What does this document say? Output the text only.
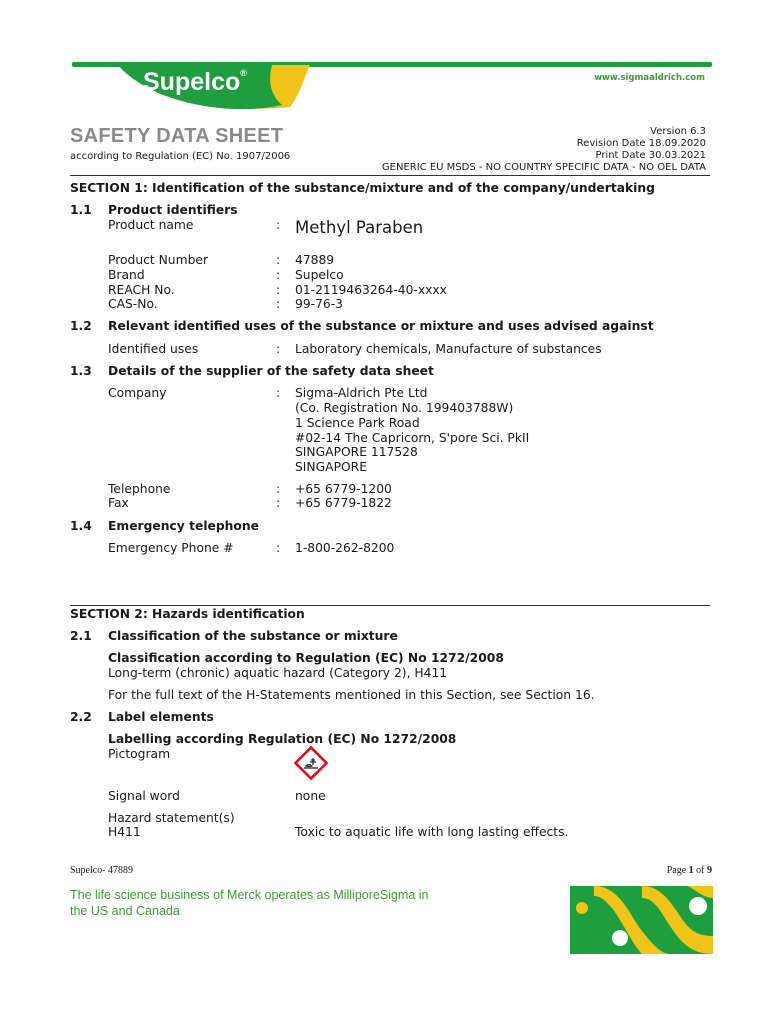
Supelco®	www.sigmaaldrich.com
SAFETY DATA SHEET
according to Regulation (EC) No. 1907/2006
Version 6.3
Revision Date 18.09.2020
Print Date 30.03.2021
GENERIC EU MSDS - NO COUNTRY SPECIFIC DATA - NO OEL DATA
SECTION 1: Identification of the substance/mixture and of the company/undertaking
1.1 Product identifiers
Product name	: Methyl Paraben
Product Number	: 47889
Brand	: Supelco
REACH No.	: 01-2119463264-40-xxxx
CAS-No.	: 99-76-3
1.2 Relevant identified uses of the substance or mixture and uses advised against
Identified uses	: Laboratory chemicals, Manufacture of substances
1.3 Details of the supplier of the safety data sheet
Company	: Sigma-Aldrich Pte Ltd
(Co. Registration No. 199403788W)
1 Science Park Road
#02-14 The Capricorn, S'pore Sci. PkII
SINGAPORE 117528
SINGAPORE
Telephone	: +65 6779-1200
Fax	: +65 6779-1822
1.4 Emergency telephone
Emergency Phone #	: 1-800-262-8200
SECTION 2: Hazards identification
2.1 Classification of the substance or mixture
Classification according to Regulation (EC) No 1272/2008
Long-term (chronic) aquatic hazard (Category 2), H411
For the full text of the H-Statements mentioned in this Section, see Section 16.
2.2 Label elements
Labelling according Regulation (EC) No 1272/2008
Pictogram
Signal word	none
Hazard statement(s)
H411	Toxic to aquatic life with long lasting effects.
Supelco- 47889	Page 1 of 9
The life science business of Merck operates as MilliporeSigma in
the US and Canada
